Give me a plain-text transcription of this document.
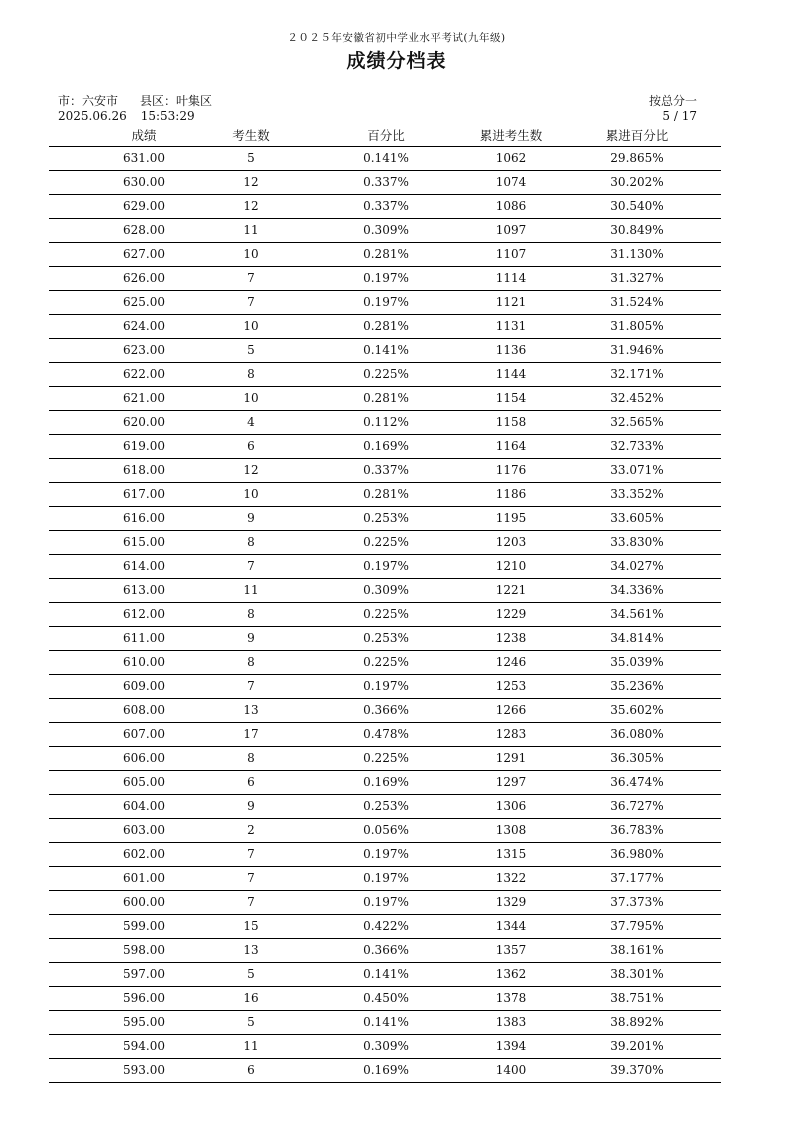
２０２５年安徽省初中学业水平考试(九年级)
成绩分档表
市：六安市 县区：叶集区
2025.06.26 15:53:29
按总分一
5 / 17
成绩	考生数	百分比	累进考生数	累进百分比
631.00	5	0.141%	1062	29.865%
630.00	12	0.337%	1074	30.202%
629.00	12	0.337%	1086	30.540%
628.00	11	0.309%	1097	30.849%
627.00	10	0.281%	1107	31.130%
626.00	7	0.197%	1114	31.327%
625.00	7	0.197%	1121	31.524%
624.00	10	0.281%	1131	31.805%
623.00	5	0.141%	1136	31.946%
622.00	8	0.225%	1144	32.171%
621.00	10	0.281%	1154	32.452%
620.00	4	0.112%	1158	32.565%
619.00	6	0.169%	1164	32.733%
618.00	12	0.337%	1176	33.071%
617.00	10	0.281%	1186	33.352%
616.00	9	0.253%	1195	33.605%
615.00	8	0.225%	1203	33.830%
614.00	7	0.197%	1210	34.027%
613.00	11	0.309%	1221	34.336%
612.00	8	0.225%	1229	34.561%
611.00	9	0.253%	1238	34.814%
610.00	8	0.225%	1246	35.039%
609.00	7	0.197%	1253	35.236%
608.00	13	0.366%	1266	35.602%
607.00	17	0.478%	1283	36.080%
606.00	8	0.225%	1291	36.305%
605.00	6	0.169%	1297	36.474%
604.00	9	0.253%	1306	36.727%
603.00	2	0.056%	1308	36.783%
602.00	7	0.197%	1315	36.980%
601.00	7	0.197%	1322	37.177%
600.00	7	0.197%	1329	37.373%
599.00	15	0.422%	1344	37.795%
598.00	13	0.366%	1357	38.161%
597.00	5	0.141%	1362	38.301%
596.00	16	0.450%	1378	38.751%
595.00	5	0.141%	1383	38.892%
594.00	11	0.309%	1394	39.201%
593.00	6	0.169%	1400	39.370%
